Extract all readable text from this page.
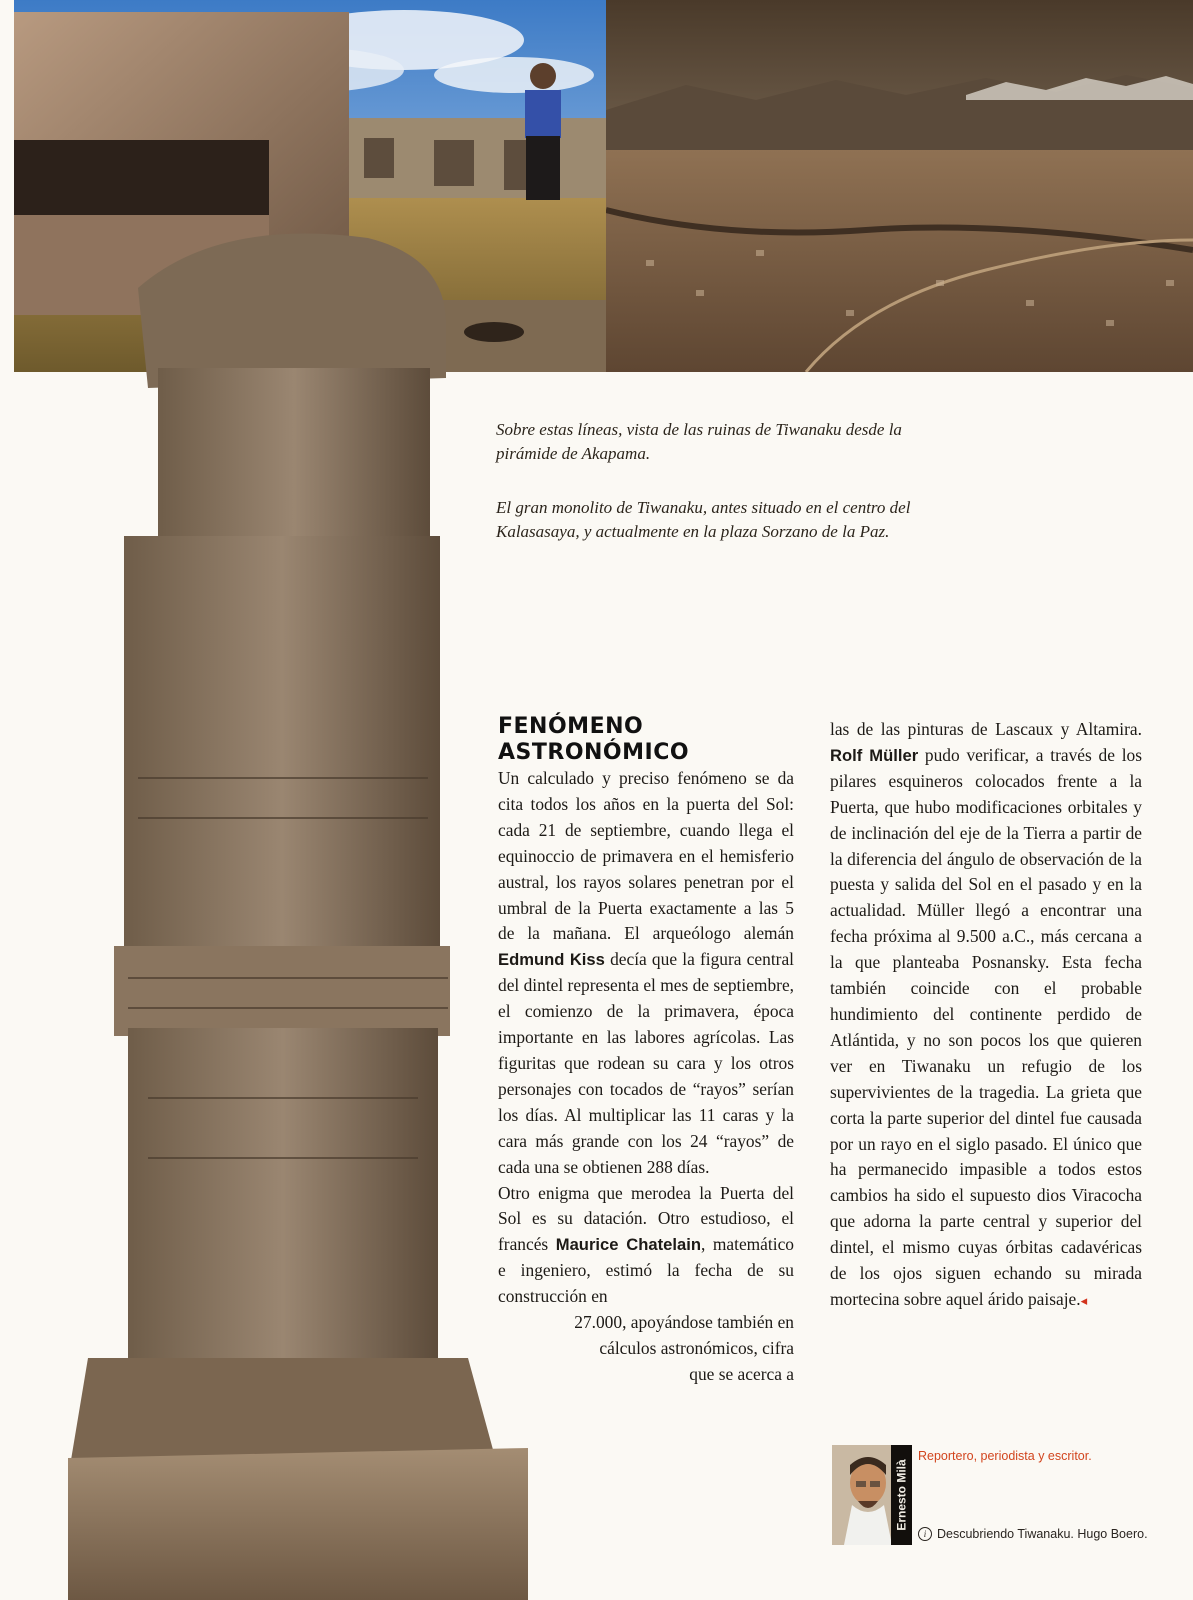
Sobre estas líneas, vista de las ruinas de Tiwanaku desde la pirámide de Akapama.

El gran monolito de Tiwanaku, antes situado en el centro del Kalasasaya, y actualmente en la plaza Sorzano de la Paz.

FENÓMENO
ASTRONÓMICO

Un calculado y preciso fenómeno se da cita todos los años en la puerta del Sol: cada 21 de septiembre, cuando llega el equinoccio de primavera en el hemisferio austral, los rayos solares penetran por el umbral de la Puerta exactamente a las 5 de la mañana. El arqueólogo alemán Edmund Kiss decía que la figura central del dintel representa el mes de septiembre, el comienzo de la primavera, época importante en las labores agrícolas. Las figuritas que rodean su cara y los otros personajes con tocados de “rayos” serían los días. Al multiplicar las 11 caras y la cara más grande con los 24 “rayos” de cada una se obtienen 288 días.

Otro enigma que merodea la Puerta del Sol es su datación. Otro estudioso, el francés Maurice Chatelain, matemático e ingeniero, estimó la fecha de su construcción en

27.000, apoyándose también en

cálculos astronómicos, cifra

que se acerca a

las de las pinturas de Lascaux y Altamira. Rolf Müller pudo verificar, a través de los pilares esquineros colocados frente a la Puerta, que hubo modificaciones orbitales y de inclinación del eje de la Tierra a partir de la diferencia del ángulo de observación de la puesta y salida del Sol en el pasado y en la actualidad. Müller llegó a encontrar una fecha próxima al 9.500 a.C., más cercana a la que planteaba Posnansky. Esta fecha también coincide con el probable hundimiento del continente perdido de Atlántida, y no son pocos los que quieren ver en Tiwanaku un refugio de los supervivientes de la tragedia. La grieta que corta la parte superior del dintel fue causada por un rayo en el siglo pasado. El único que ha permanecido impasible a todos estos cambios ha sido el supuesto dios Viracocha que adorna la parte central y superior del dintel, el mismo cuyas órbitas cadavéricas de los ojos siguen echando su mirada mortecina sobre aquel árido paisaje.◂

Ernesto Milà
Reportero, periodista y escritor.
i Descubriendo Tiwanaku. Hugo Boero.
